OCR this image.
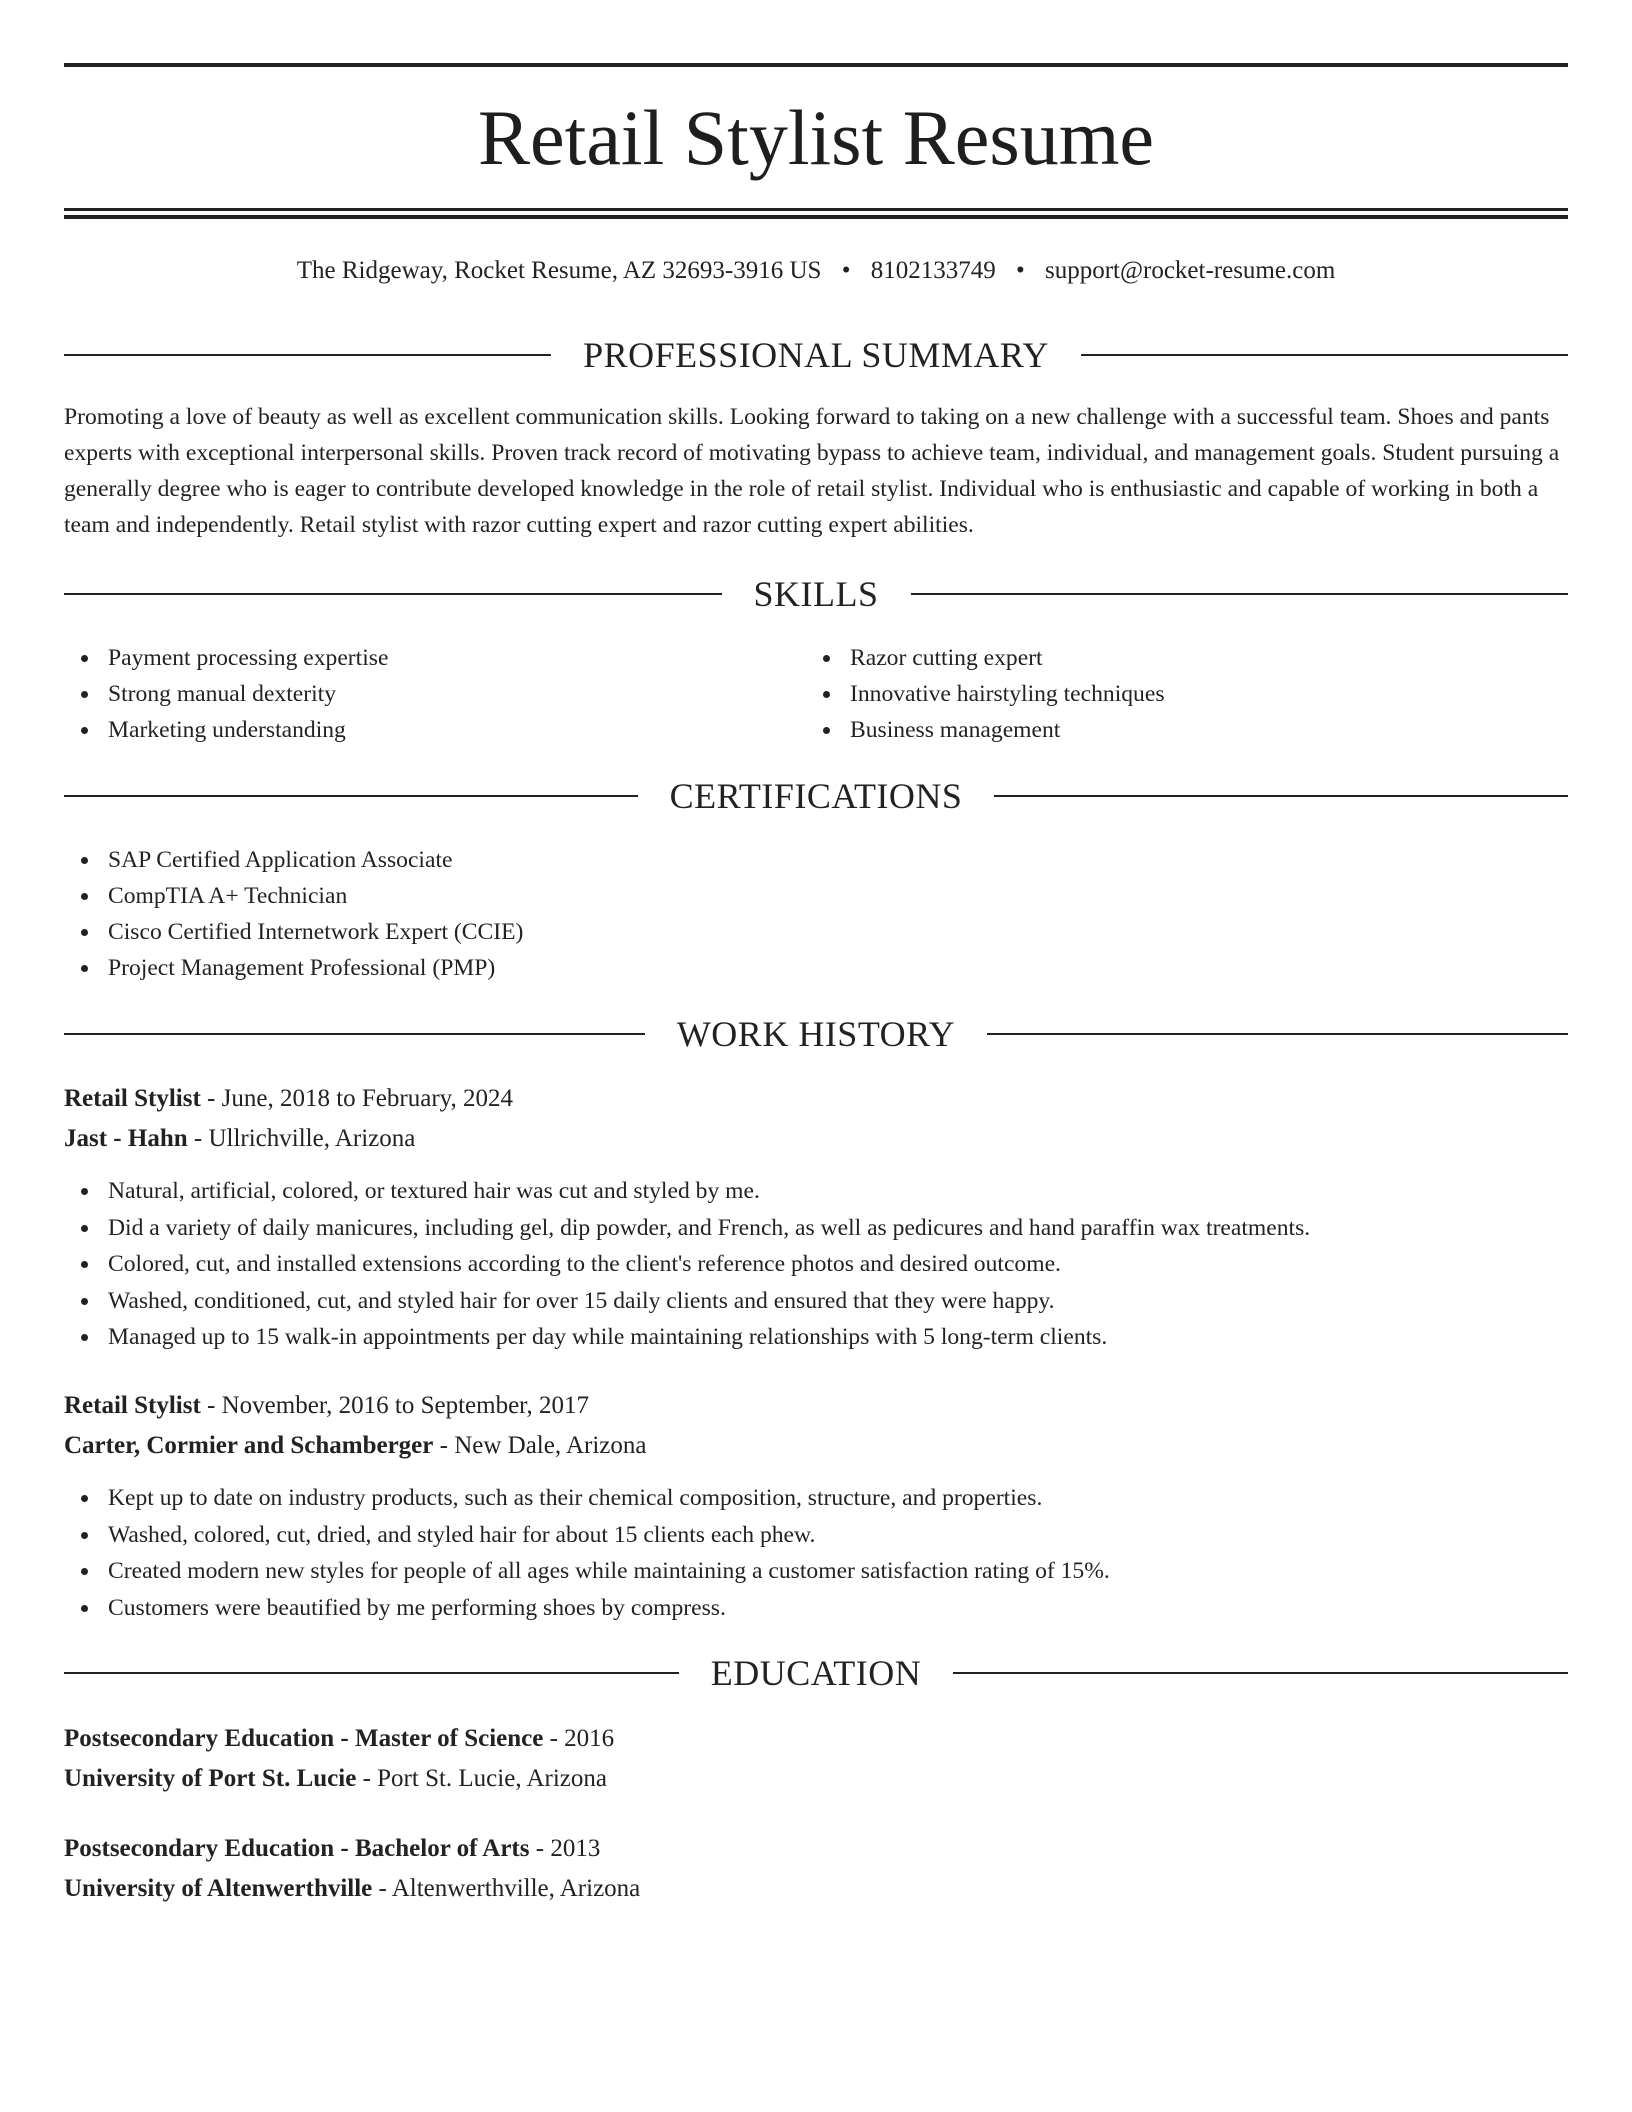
Retail Stylist Resume
The Ridgeway, Rocket Resume, AZ 32693-3916 US • 8102133749 • support@rocket-resume.com
PROFESSIONAL SUMMARY

Promoting a love of beauty as well as excellent communication skills. Looking forward to taking on a new challenge with a successful team. Shoes and pants experts with exceptional interpersonal skills. Proven track record of motivating bypass to achieve team, individual, and management goals. Student pursuing a generally degree who is eager to contribute developed knowledge in the role of retail stylist. Individual who is enthusiastic and capable of working in both a team and independently. Retail stylist with razor cutting expert and razor cutting expert abilities.

SKILLS
Payment processing expertise
Strong manual dexterity
Marketing understanding
Razor cutting expert
Innovative hairstyling techniques
Business management
CERTIFICATIONS
SAP Certified Application Associate
CompTIA A+ Technician
Cisco Certified Internetwork Expert (CCIE)
Project Management Professional (PMP)
WORK HISTORY
Retail Stylist - June, 2018 to February, 2024
Jast - Hahn - Ullrichville, Arizona
Natural, artificial, colored, or textured hair was cut and styled by me.
Did a variety of daily manicures, including gel, dip powder, and French, as well as pedicures and hand paraffin wax treatments.
Colored, cut, and installed extensions according to the client's reference photos and desired outcome.
Washed, conditioned, cut, and styled hair for over 15 daily clients and ensured that they were happy.
Managed up to 15 walk-in appointments per day while maintaining relationships with 5 long-term clients.
Retail Stylist - November, 2016 to September, 2017
Carter, Cormier and Schamberger - New Dale, Arizona
Kept up to date on industry products, such as their chemical composition, structure, and properties.
Washed, colored, cut, dried, and styled hair for about 15 clients each phew.
Created modern new styles for people of all ages while maintaining a customer satisfaction rating of 15%.
Customers were beautified by me performing shoes by compress.
EDUCATION
Postsecondary Education - Master of Science - 2016
University of Port St. Lucie - Port St. Lucie, Arizona
Postsecondary Education - Bachelor of Arts - 2013
University of Altenwerthville - Altenwerthville, Arizona
